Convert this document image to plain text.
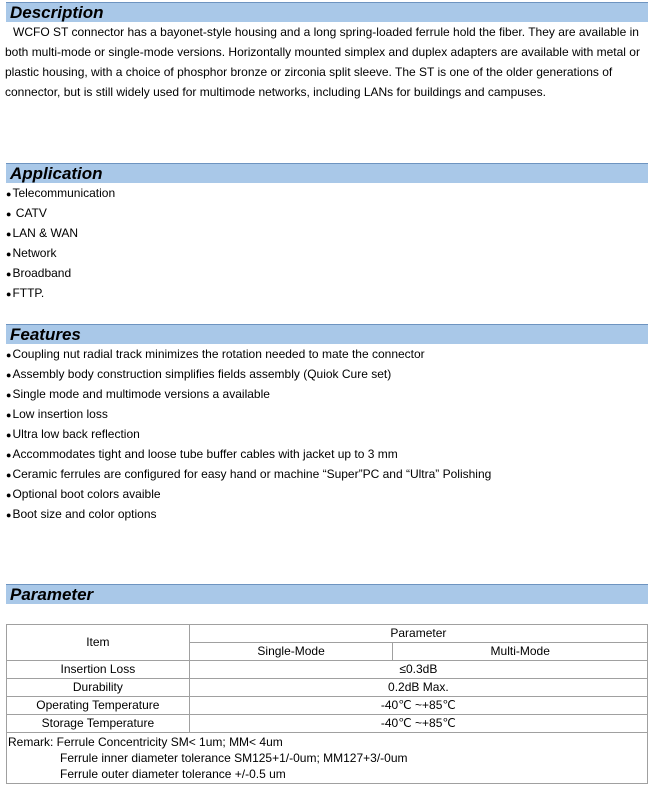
Description

WCFO ST connector has a bayonet-style housing and a long spring-loaded ferrule hold the fiber. They are available in both multi-mode or single-mode versions. Horizontally mounted simplex and duplex adapters are available with metal or plastic housing, with a choice of phosphor bronze or zirconia split sleeve. The ST is one of the older generations of connector, but is still widely used for multimode networks, including LANs for buildings and campuses.

Application
●Telecommunication
● CATV
●LAN & WAN
●Network
●Broadband
●FTTP.
Features
●Coupling nut radial track minimizes the rotation needed to mate the connector
●Assembly body construction simplifies fields assembly (Quiok Cure set)
●Single mode and multimode versions a available
●Low insertion loss
●Ultra low back reflection
●Accommodates tight and loose tube buffer cables with jacket up to 3 mm
●Ceramic ferrules are configured for easy hand or machine “Super”PC and “Ultra” Polishing
●Optional boot colors avaible
●Boot size and color options
Parameter
Item	Parameter	
	Single-Mode	Multi-Mode
Insertion Loss	≤0.3dB	
Durability	0.2dB Max.	
Operating Temperature	-40℃ ~+85℃	
Storage Temperature	-40℃ ~+85℃	

Remark: Ferrule Concentricity SM< 1um; MM< 4um
Ferrule inner diameter tolerance SM125+1/-0um; MM127+3/-0um
Ferrule outer diameter tolerance +/-0.5 um		
